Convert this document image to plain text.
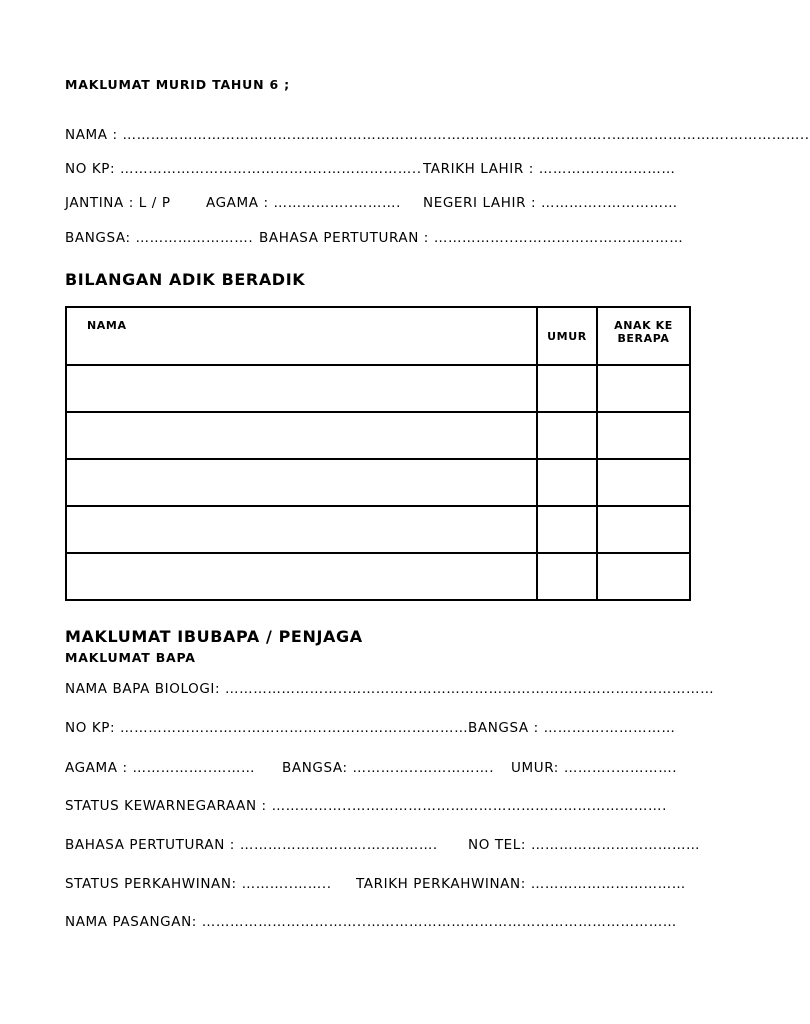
MAKLUMAT MURID TAHUN 6 ;
NAMA : …………………………………………………………………………………………..…………………….……………..
NO KP: ……………………………………..……………….. TARIKH LAHIR : …………..……………
JANTINA : L / P	AGAMA : ……………..………. NEGERI LAHIR : …………..……………
BANGSA: ……………………. BAHASA PERTUTURAN : ……………..………………………………
BILANGAN ADIK BERADIK
NAMA	UMUR	ANAK KE
BERAPA

MAKLUMAT IBUBAPA / PENJAGA
MAKLUMAT BAPA
NAMA BAPA BIOLOGI: ……………………..……………………………………………………………………
NO KP: ……………………………………..………………………….
BANGSA : ………….……………
AGAMA : ……………..……… BANGSA: …………..……………. UMUR: ………..………….
STATUS KEWARNEGARAAN : ……………..………………………………………………………….
BAHASA PERTUTURAN : …………………………..………. NO TEL: ………………………………
STATUS PERKAHWINAN: ………..…….. TARIKH PERKAHWINAN: ……………………………
NAMA PASANGAN: ……………………………..…………………………………………………………
